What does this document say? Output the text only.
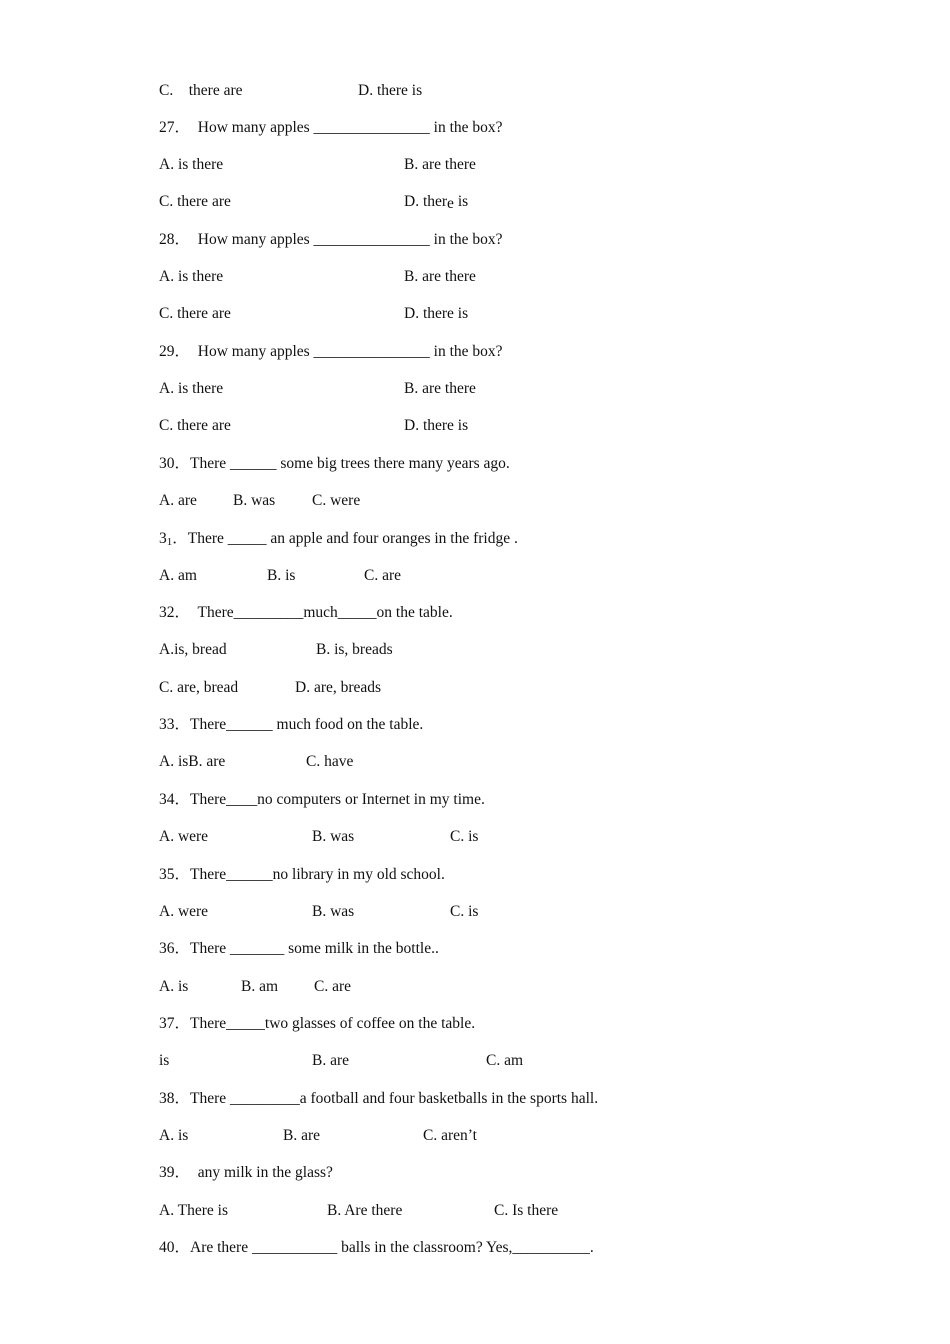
C.    there are

	D. there is

27．  How many apples _______________ in the box?

A. is there

	B. are there

C. there are

	D. there is

28．  How many apples _______________ in the box?

A. is there

	B. are there

C. there are

	D. there is

29．  How many apples _______________ in the box?

A. is there

	B. are there

C. there are

	D. there is

30．There ______ some big trees there many years ago.

A. are

B. was

C. were

31．There _____ an apple and four oranges in the fridge .

A. am

	B. is

	C. are

32．  There_________much_____on the table.

A.is, bread

	B. is, breads

C. are, bread

	D. are, breads

33．There______ much food on the table.

A. isB. are

	C. have

34．There____no computers or Internet in my time.

A. were

	B. was

	C. is

35．There______no library in my old school.

A. were

	B. was

	C. is

36．There _______ some milk in the bottle..

A. is

	B. am

C. are

37．There_____two glasses of coffee on the table.

is

	B. are

	C. am

38．There _________a football and four basketballs in the sports hall.

A. is

	B. are

	C. aren’t

39．  any milk in the glass?

A. There is

	B. Are there

	C. Is there

40．Are there ___________ balls in the classroom? Yes,__________.
